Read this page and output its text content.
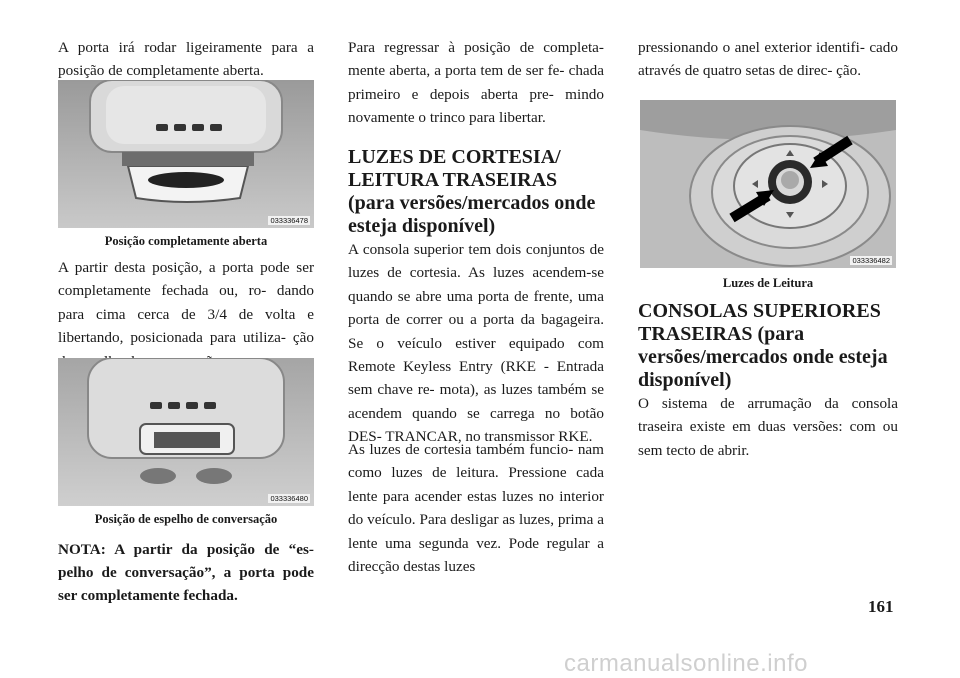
A porta irá rodar ligeiramente para a posição de completamente aberta.

033336478

Posição completamente aberta

A partir desta posição, a porta pode ser completamente fechada ou, ro- dando para cima cerca de 3/4 de volta e libertando, posicionada para utiliza- ção

033336480

Posição de espelho de conversação

NOTA: A partir da posição de “es- pelho de conversação”, a porta pode ser completamente fechada.

Para regressar à posição de completa- mente aberta, a porta tem de ser fe- chada primeiro e depois aberta pre- mindo novamente o trinco para libertar.

LUZES DE CORTESIA/ LEITURA TRASEIRAS (para versões/mercados onde esteja disponível)

A consola superior tem dois conjuntos de luzes de cortesia. As luzes acendem-se quando se abre uma porta de frente, uma porta de correr ou a porta da bagageira. Se o veículo estiver equipado com Remote Keyless Entry (RKE - Entrada sem chave re- mota), as luzes também se acendem quando se carrega no botão DES- TRANCAR, no transmissor RKE.

As luzes de cortesia também funcio- nam como luzes de leitura. Pressione cada lente para acender estas luzes no interior do veículo. Para desligar as luzes, prima a lente uma segunda vez. Pode regular a direcção destas luzes

pressionando o anel exterior identifi- cado através de quatro setas de direc- ção.

033336482

Luzes de Leitura

CONSOLAS SUPERIORES TRASEIRAS (para versões/mercados onde esteja disponível)

O sistema de arrumação da consola traseira existe em duas versões: com ou sem tecto de abrir.

161
carmanualsonline.info
